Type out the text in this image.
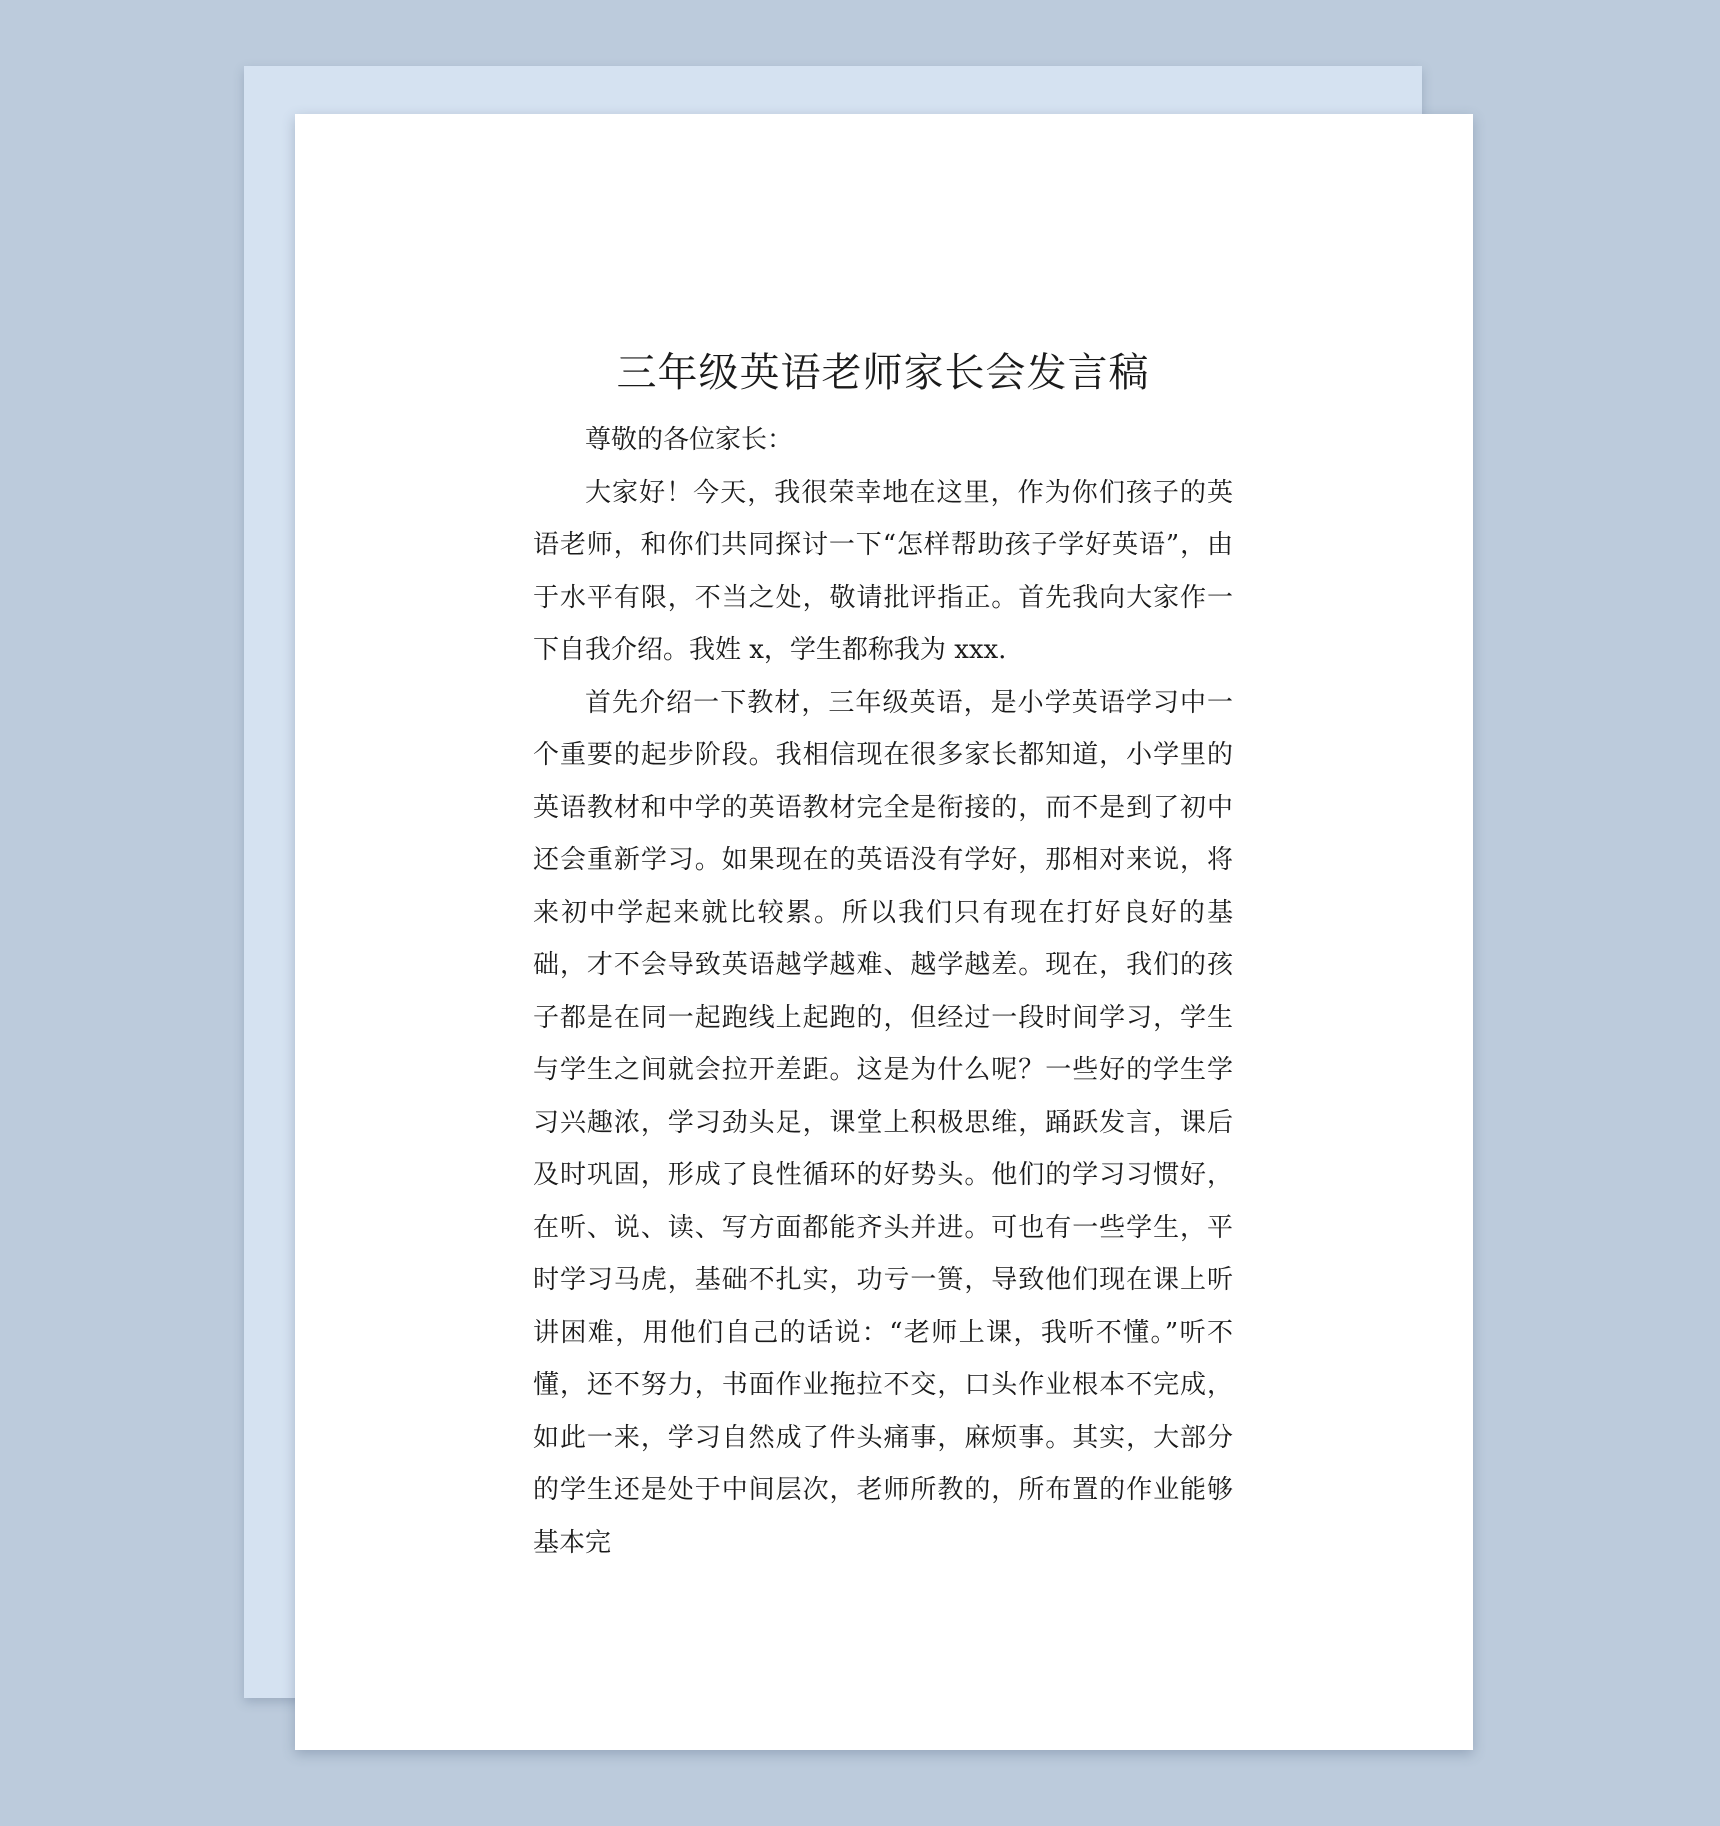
三年级英语老师家长会发言稿

尊敬的各位家长：

大家好！今天，我很荣幸地在这里，作为你们孩子的英语老师，和你们共同探讨一下“怎样帮助孩子学好英语”，由于水平有限，不当之处，敬请批评指正。首先我向大家作一下自我介绍。我姓 x，学生都称我为 xxx.

首先介绍一下教材，三年级英语，是小学英语学习中一个重要的起步阶段。我相信现在很多家长都知道，小学里的英语教材和中学的英语教材完全是衔接的，而不是到了初中还会重新学习。如果现在的英语没有学好，那相对来说，将来初中学起来就比较累。所以我们只有现在打好良好的基础，才不会导致英语越学越难、越学越差。现在，我们的孩子都是在同一起跑线上起跑的，但经过一段时间学习，学生与学生之间就会拉开差距。这是为什么呢？一些好的学生学习兴趣浓，学习劲头足，课堂上积极思维，踊跃发言，课后及时巩固，形成了良性循环的好势头。他们的学习习惯好，在听、说、读、写方面都能齐头并进。可也有一些学生，平时学习马虎，基础不扎实，功亏一篑，导致他们现在课上听讲困难，用他们自己的话说：“老师上课，我听不懂。”听不懂，还不努力，书面作业拖拉不交，口头作业根本不完成，如此一来，学习自然成了件头痛事，麻烦事。其实，大部分的学生还是处于中间层次，老师所教的，所布置的作业能够基本完
